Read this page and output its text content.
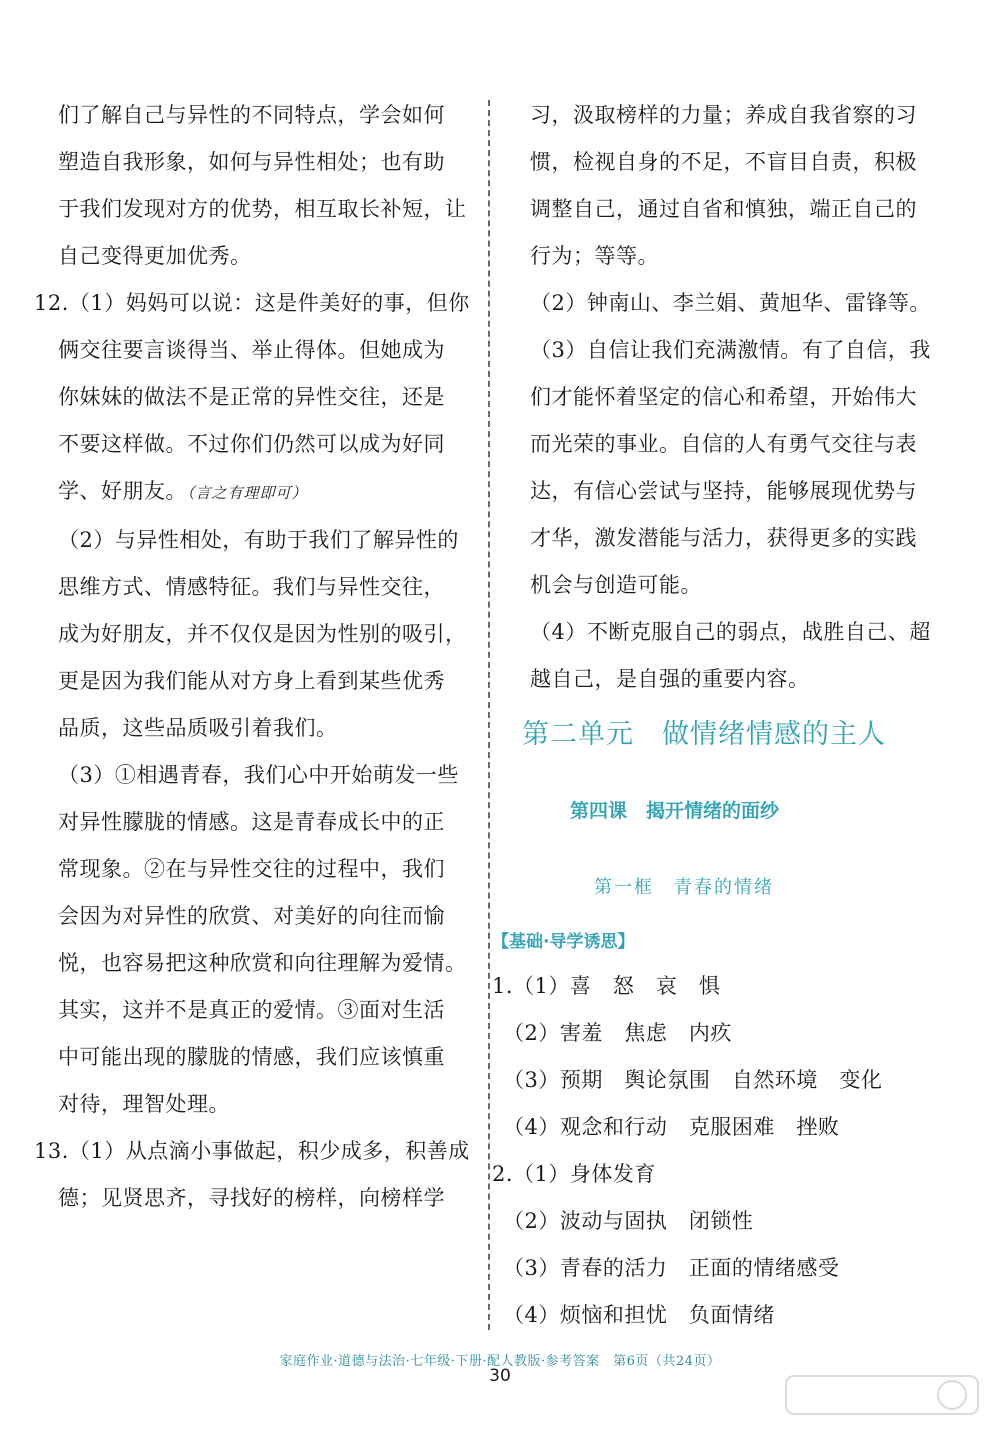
们了解自己与异性的不同特点，学会如何

塑造自我形象，如何与异性相处；也有助

于我们发现对方的优势，相互取长补短，让

自己变得更加优秀。

12.（1）妈妈可以说：这是件美好的事，但你

俩交往要言谈得当、举止得体。但她成为

你妹妹的做法不是正常的异性交往，还是

不要这样做。不过你们仍然可以成为好同

学、好朋友。（言之有理即可）

（2）与异性相处，有助于我们了解异性的

思维方式、情感特征。我们与异性交往，

成为好朋友，并不仅仅是因为性别的吸引，

更是因为我们能从对方身上看到某些优秀

品质，这些品质吸引着我们。

（3）①相遇青春，我们心中开始萌发一些

对异性朦胧的情感。这是青春成长中的正

常现象。②在与异性交往的过程中，我们

会因为对异性的欣赏、对美好的向往而愉

悦，也容易把这种欣赏和向往理解为爱情。

其实，这并不是真正的爱情。③面对生活

中可能出现的朦胧的情感，我们应该慎重

对待，理智处理。

13.（1）从点滴小事做起，积少成多，积善成

德；见贤思齐，寻找好的榜样，向榜样学

习，汲取榜样的力量；养成自我省察的习

惯，检视自身的不足，不盲目自责，积极

调整自己，通过自省和慎独，端正自己的

行为；等等。

（2）钟南山、李兰娟、黄旭华、雷锋等。

（3）自信让我们充满激情。有了自信，我

们才能怀着坚定的信心和希望，开始伟大

而光荣的事业。自信的人有勇气交往与表

达，有信心尝试与坚持，能够展现优势与

才华，激发潜能与活力，获得更多的实践

机会与创造可能。

（4）不断克服自己的弱点，战胜自己、超

越自己，是自强的重要内容。

第二单元　做情绪情感的主人

第四课　揭开情绪的面纱

第一框　青春的情绪

【基础·导学诱思】

1.（1）喜　怒　哀　惧

　（2）害羞　焦虑　内疚

　（3）预期　舆论氛围　自然环境　变化

　（4）观念和行动　克服困难　挫败

2.（1）身体发育

　（2）波动与固执　闭锁性

　（3）青春的活力　正面的情绪感受

　（4）烦恼和担忧　负面情绪

家庭作业·道德与法治·七年级·下册·配人教版·参考答案　第6页（共24页）

30
